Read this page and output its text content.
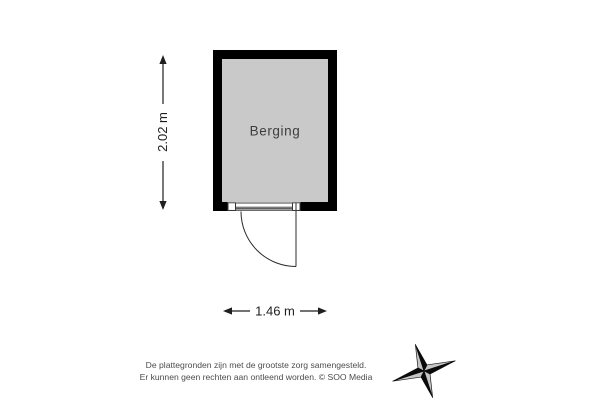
Berging
2.02 m
1.46 m
De plattegronden zijn met de grootste zorg samengesteld.
Er kunnen geen rechten aan ontleend worden. © SOO Media
